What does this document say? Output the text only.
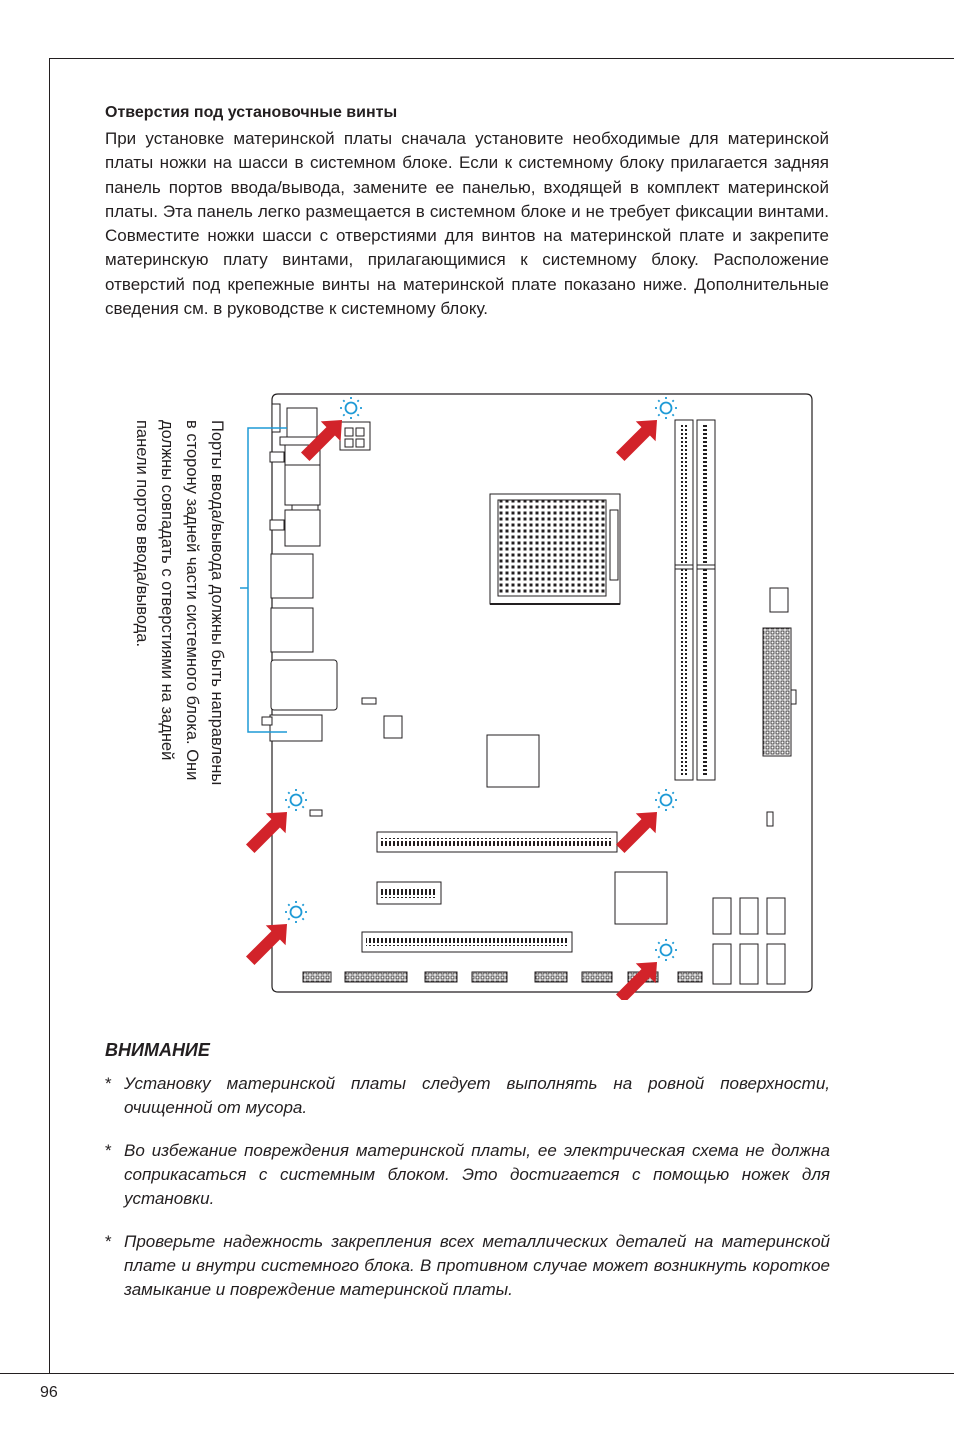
Отверстия под установочные винты

При установке материнской платы сначала установите необходимые для материнской платы ножки на шасси в системном блоке. Если к системному блоку прилагается задняя панель портов ввода/вывода, замените ее панелью, входящей в комплект материнской платы. Эта панель легко размещается в системном блоке и не требует фиксации винтами. Совместите ножки шасси с отверстиями для винтов на материнской плате и закрепите материнскую плату винтами, прилагающимися к системному блоку. Расположение отверстий под крепежные винты на материнской плате показано ниже. Дополнительные сведения см. в руководстве к системному блоку.

Порты ввода/вывода должны быть направлены
в сторону задней части системного блока. Они
должны совпадать с отверстиями на задней
панели портов ввода/вывода.
ВНИМАНИЕ
* Установку материнской платы следует выполнять на ровной поверхности, очищенной от мусора.
* Во избежание повреждения материнской платы, ее электрическая схема не должна соприкасаться с системным блоком. Это достигается с помощью ножек для установки.
* Проверьте надежность закрепления всех металлических деталей на материнской плате и внутри системного блока. В противном случае может возникнуть короткое замыкание и повреждение материнской платы.
96
